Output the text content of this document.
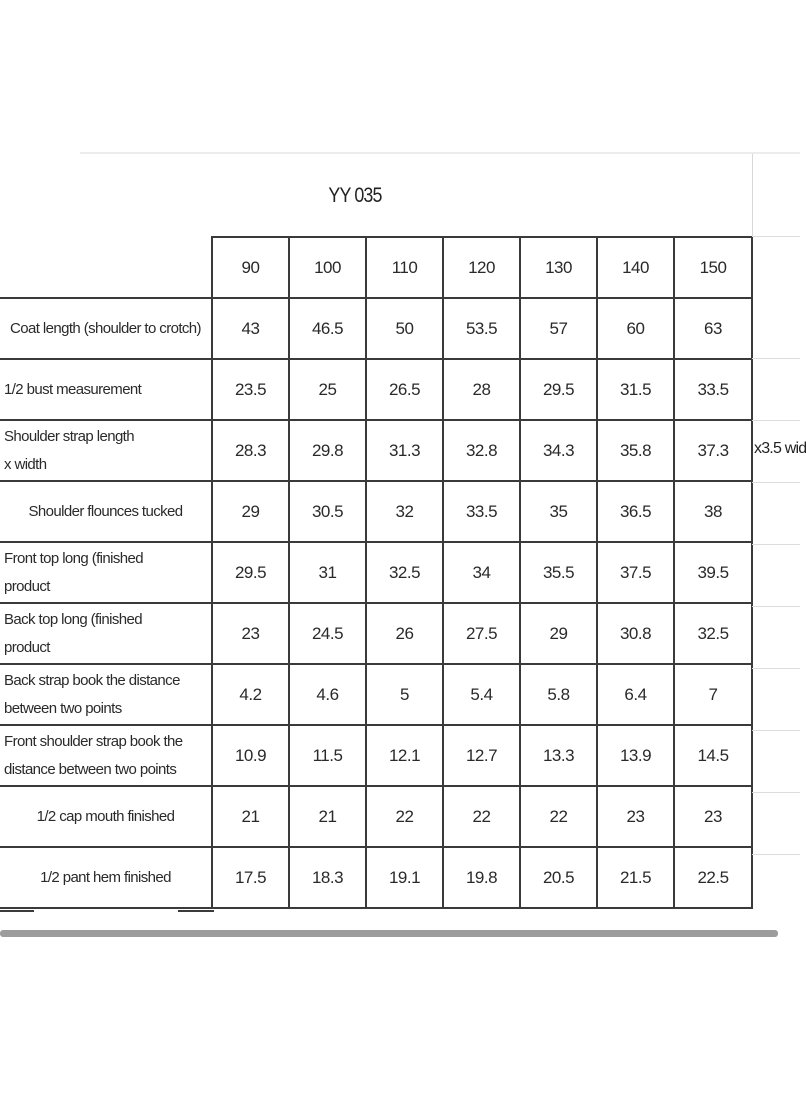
YY 035
	90	100	110	120	130	140	150
Coat length (shoulder to crotch)	43	46.5	50	53.5	57	60	63
1/2 bust measurement	23.5	25	26.5	28	29.5	31.5	33.5
Shoulder strap length x width	28.3	29.8	31.3	32.8	34.3	35.8	37.3
Shoulder flounces tucked	29	30.5	32	33.5	35	36.5	38
Front top long (finished product	29.5	31	32.5	34	35.5	37.5	39.5
Back top long (finished product	23	24.5	26	27.5	29	30.8	32.5
Back strap book the distance between two points	4.2	4.6	5	5.4	5.8	6.4	7
Front shoulder strap book the distance between two points	10.9	11.5	12.1	12.7	13.3	13.9	14.5
1/2 cap mouth finished	21	21	22	22	22	23	23
1/2 pant hem finished	17.5	18.3	19.1	19.8	20.5	21.5	22.5
x3.5 wid
